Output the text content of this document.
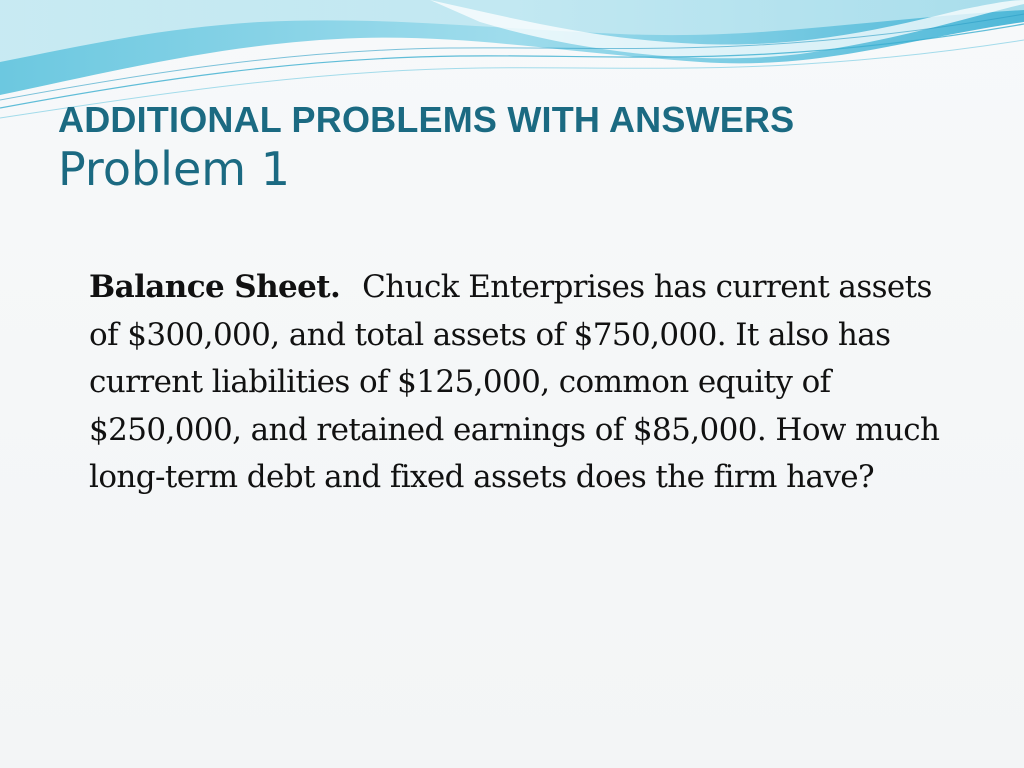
ADDITIONAL PROBLEMS WITH ANSWERS
Problem 1
Balance Sheet. Chuck Enterprises has current assets of $300,000, and total assets of $750,000. It also has current liabilities of $125,000, common equity of $250,000, and retained earnings of $85,000. How much long-term debt and fixed assets does the firm have?
